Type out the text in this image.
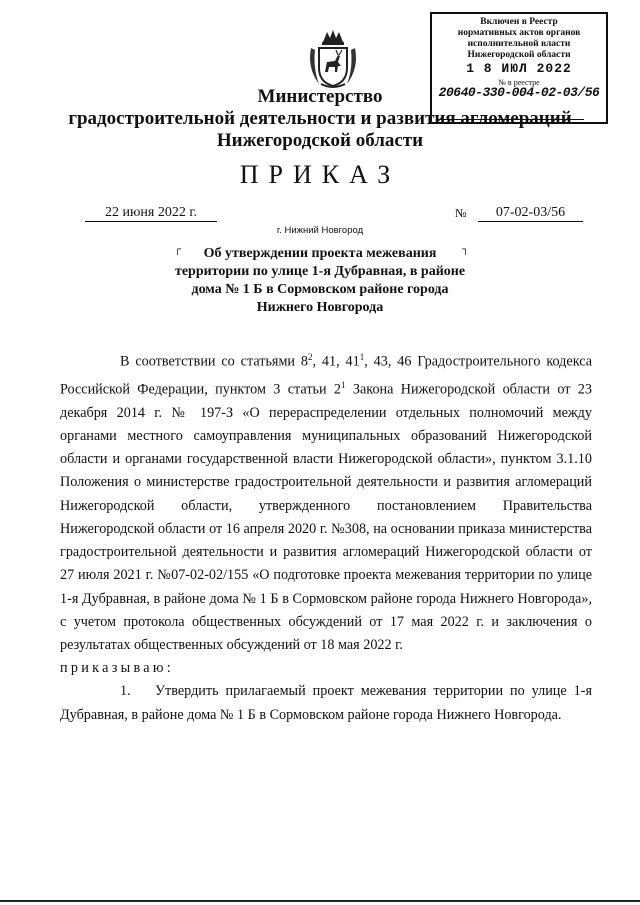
Включен в Реестр
нормативных актов органов
исполнительной власти
Нижегородской области
1 8 ИЮЛ 2022
№ в реестре
20640-330-004-02-03/56
Министерство
градостроительной деятельности и развития агломераций
Нижегородской области
ПРИКАЗ
22 июня 2022 г.	№	07-02-03/56
г. Нижний Новгород
┌	┐
Об утверждении проекта межевания
территории по улице 1-я Дубравная, в районе
дома № 1 Б в Сормовском районе города
Нижнего Новгорода

В соответствии со статьями $8^2$, 41, $41^1$, 43, 46 Градостроительного кодекса Российской Федерации, пунктом 3 статьи $2^1$ Закона Нижегородской области от 23 декабря 2014 г. № 197-З «О перераспределении отдельных полномочий между органами местного самоуправления муниципальных образований Нижегородской области и органами государственной власти Нижегородской области», пунктом 3.1.10 Положения о министерстве градостроительной деятельности и развития агломераций Нижегородской области, утвержденного постановлением Правительства Нижегородской области от 16 апреля 2020 г. №308, на основании приказа министерства градостроительной деятельности и развития агломераций Нижегородской области от 27 июля 2021 г. №07-02-02/155 «О подготовке проекта межевания территории по улице 1-я Дубравная, в районе дома № 1 Б в Сормовском районе города Нижнего Новгорода», с учетом протокола общественных обсуждений от 17 мая 2022 г. и заключения о результатах общественных обсуждений от 18 мая 2022 г.

приказываю:

1. Утвердить прилагаемый проект межевания территории по улице 1-я Дубравная, в районе дома № 1 Б в Сормовском районе города Нижнего Новгорода.
